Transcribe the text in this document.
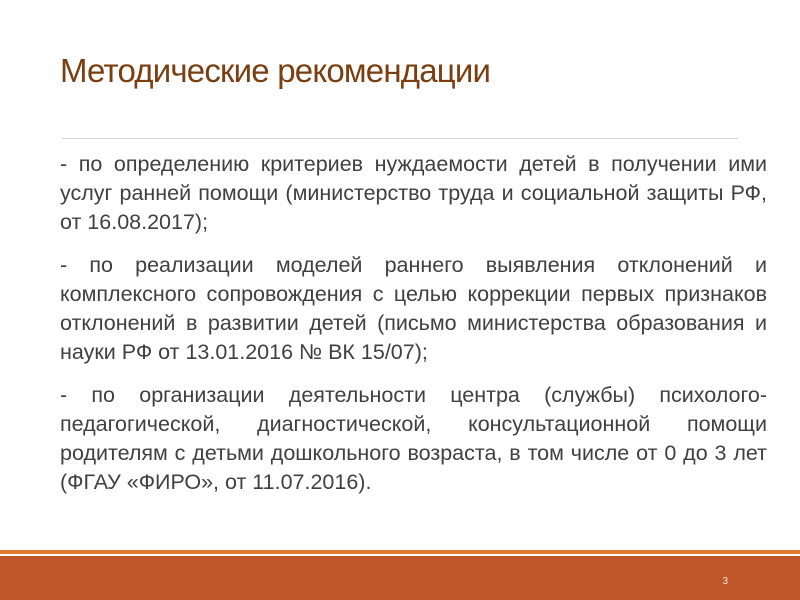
Методические рекомендации

- по определению критериев нуждаемости детей в получении ими услуг ранней помощи (министерство труда и социальной защиты РФ, от 16.08.2017);

- по реализации моделей раннего выявления отклонений и комплексного сопровождения с целью коррекции первых признаков отклонений в развитии детей (письмо министерства образования и науки РФ от 13.01.2016 № ВК 15/07);

- по организации деятельности центра (службы) психолого-педагогической, диагностической, консультационной помощи родителям с детьми дошкольного возраста, в том числе от 0 до 3 лет (ФГАУ «ФИРО», от 11.07.2016).

3
